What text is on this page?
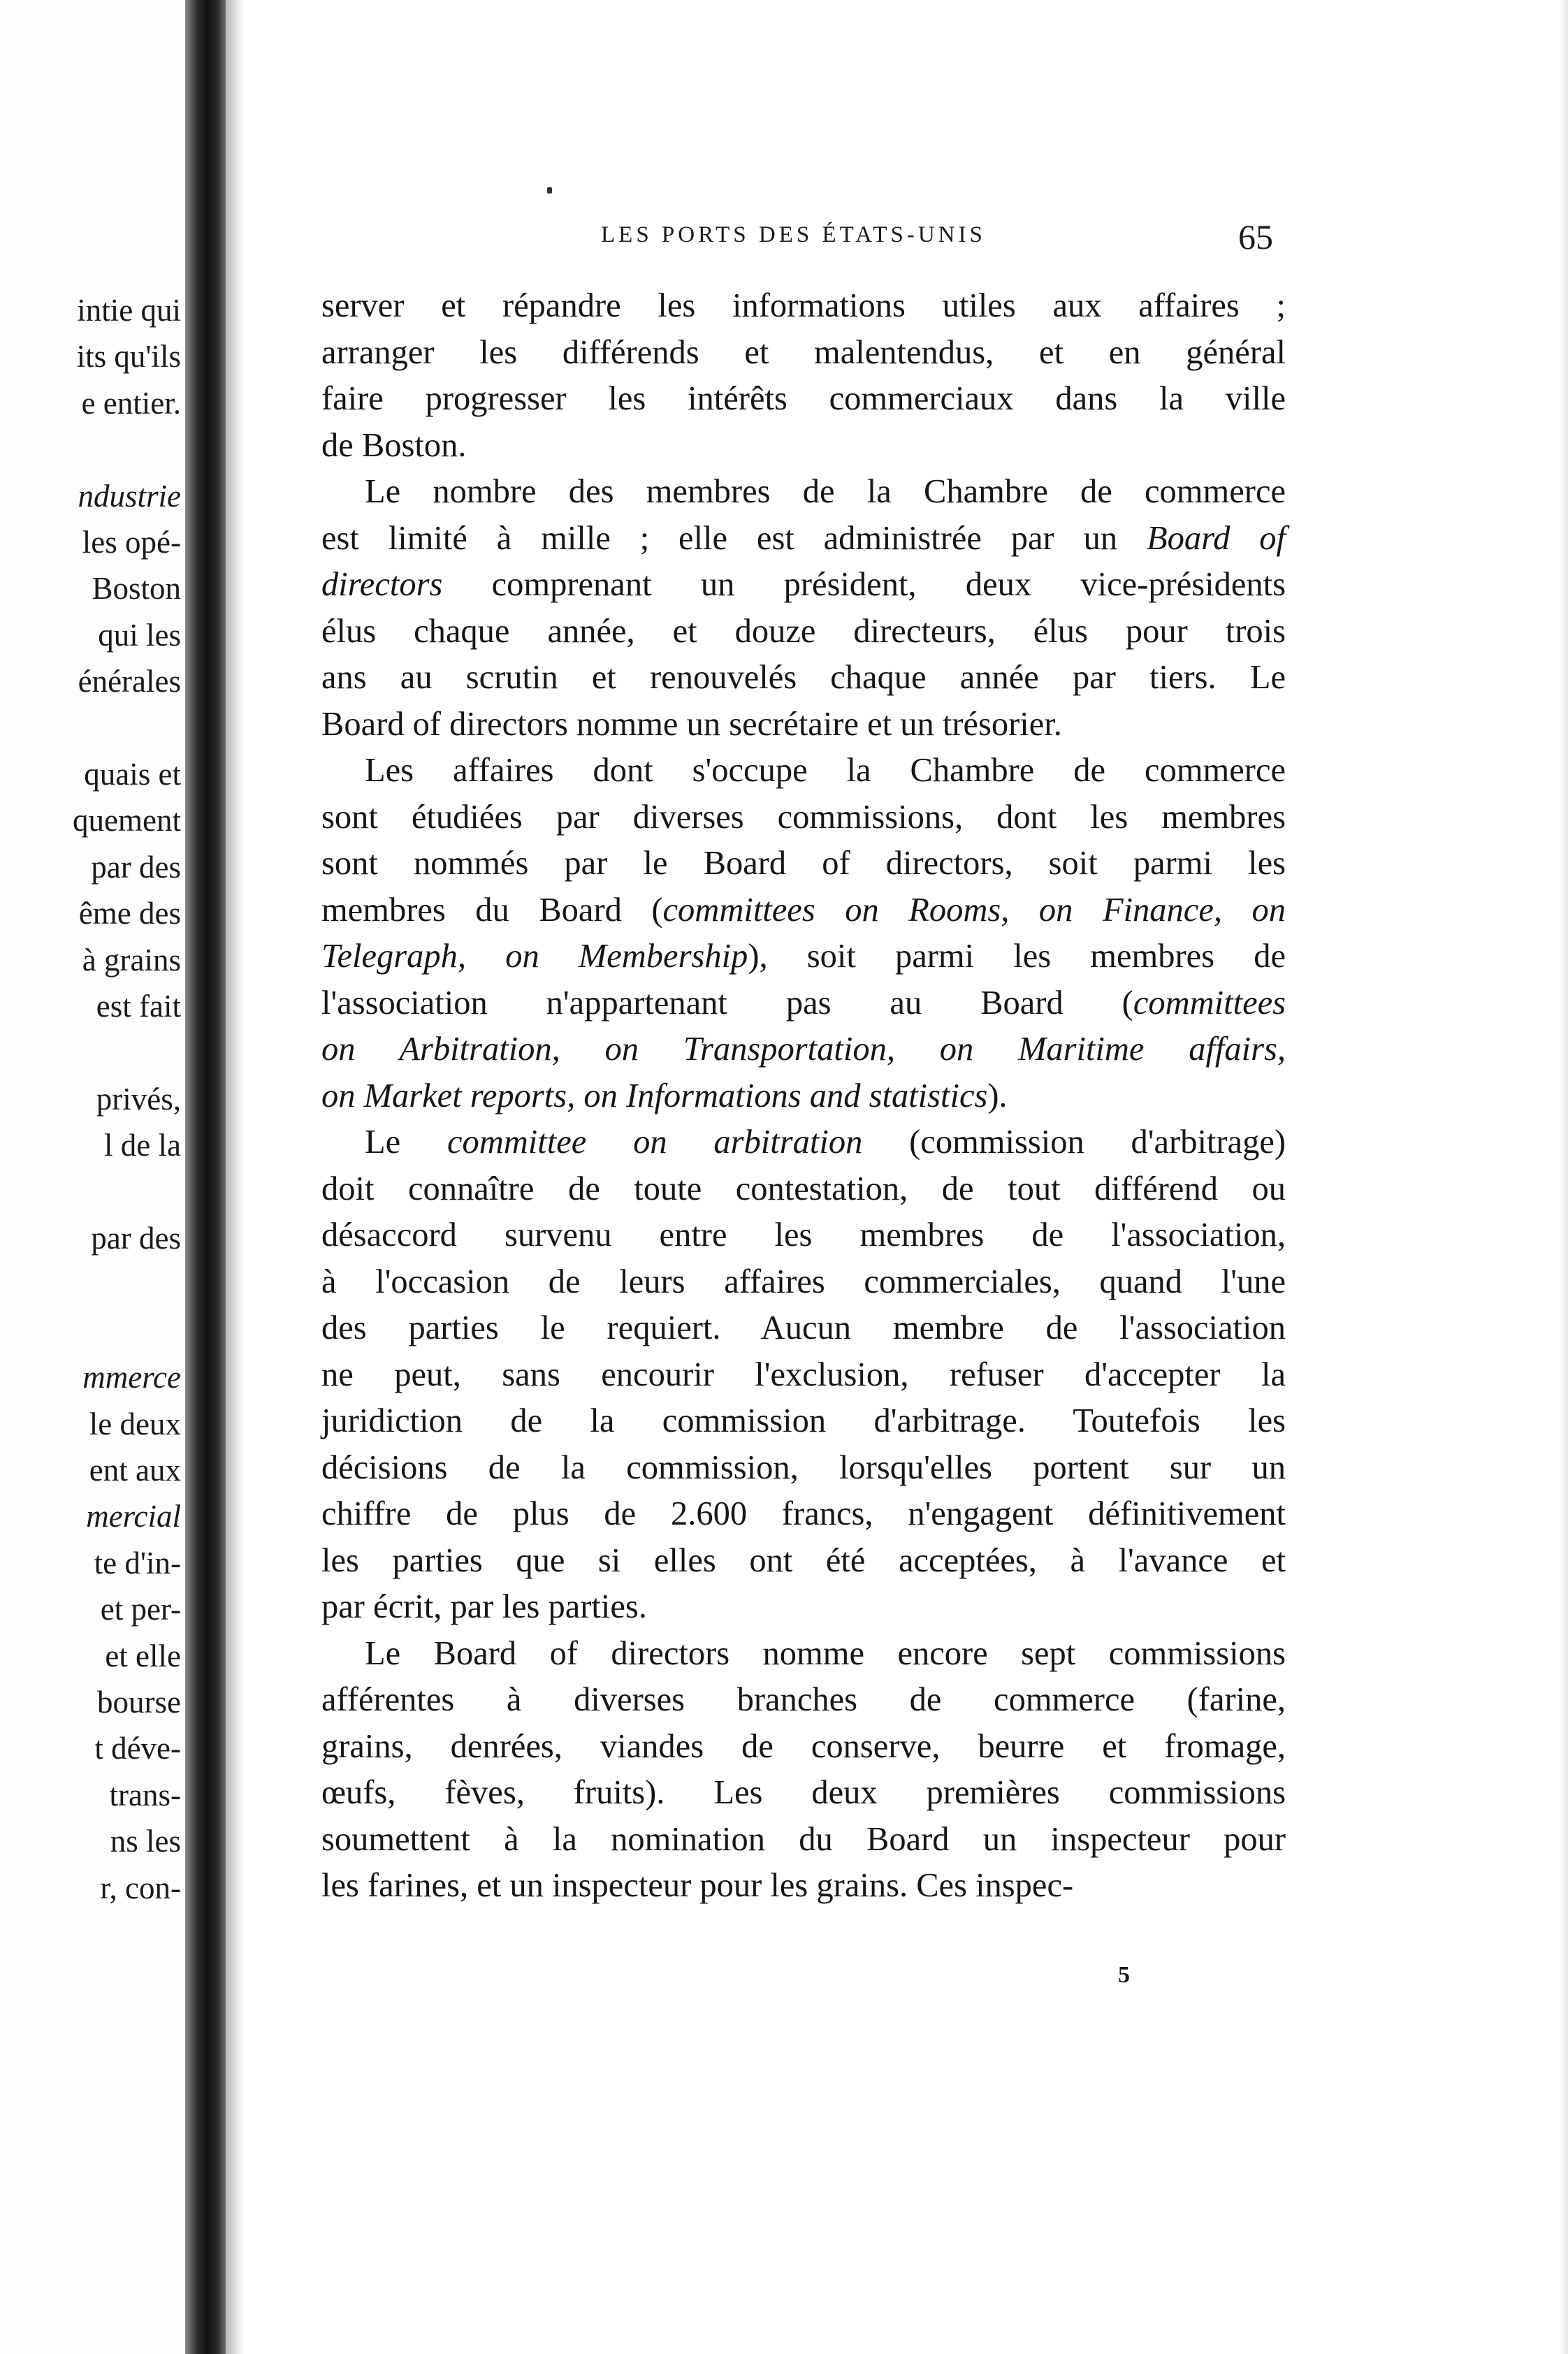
intie qui
its qu'ils
e entier.
ndustrie
les opé-
Boston
qui les
énérales
quais et
quement
par des
ême des
à grains
est fait
privés,
l de la
par des
mmerce
le deux
ent aux
mercial
te d'in-
et per-
et elle
bourse
t déve-
trans-
ns les
r, con-
LES PORTS DES ÉTATS-UNIS	65
server et répandre les informations utiles aux affaires ;
arranger les différends et malentendus, et en général
faire progresser les intérêts commerciaux dans la ville
de Boston.
Le nombre des membres de la Chambre de commerce
est limité à mille ; elle est administrée par un Board of
directors comprenant un président, deux vice-présidents
élus chaque année, et douze directeurs, élus pour trois
ans au scrutin et renouvelés chaque année par tiers. Le
Board of directors nomme un secrétaire et un trésorier.
Les affaires dont s'occupe la Chambre de commerce
sont étudiées par diverses commissions, dont les membres
sont nommés par le Board of directors, soit parmi les
membres du Board (committees on Rooms, on Finance, on
Telegraph, on Membership), soit parmi les membres de
l'association n'appartenant pas au Board (committees
on Arbitration, on Transportation, on Maritime affairs,
on Market reports, on Informations and statistics).
Le committee on arbitration (commission d'arbitrage)
doit connaître de toute contestation, de tout différend ou
désaccord survenu entre les membres de l'association,
à l'occasion de leurs affaires commerciales, quand l'une
des parties le requiert. Aucun membre de l'association
ne peut, sans encourir l'exclusion, refuser d'accepter la
juridiction de la commission d'arbitrage. Toutefois les
décisions de la commission, lorsqu'elles portent sur un
chiffre de plus de 2.600 francs, n'engagent définitivement
les parties que si elles ont été acceptées, à l'avance et
par écrit, par les parties.
Le Board of directors nomme encore sept commissions
afférentes à diverses branches de commerce (farine,
grains, denrées, viandes de conserve, beurre et fromage,
œufs, fèves, fruits). Les deux premières commissions
soumettent à la nomination du Board un inspecteur pour
les farines, et un inspecteur pour les grains. Ces inspec-
5
